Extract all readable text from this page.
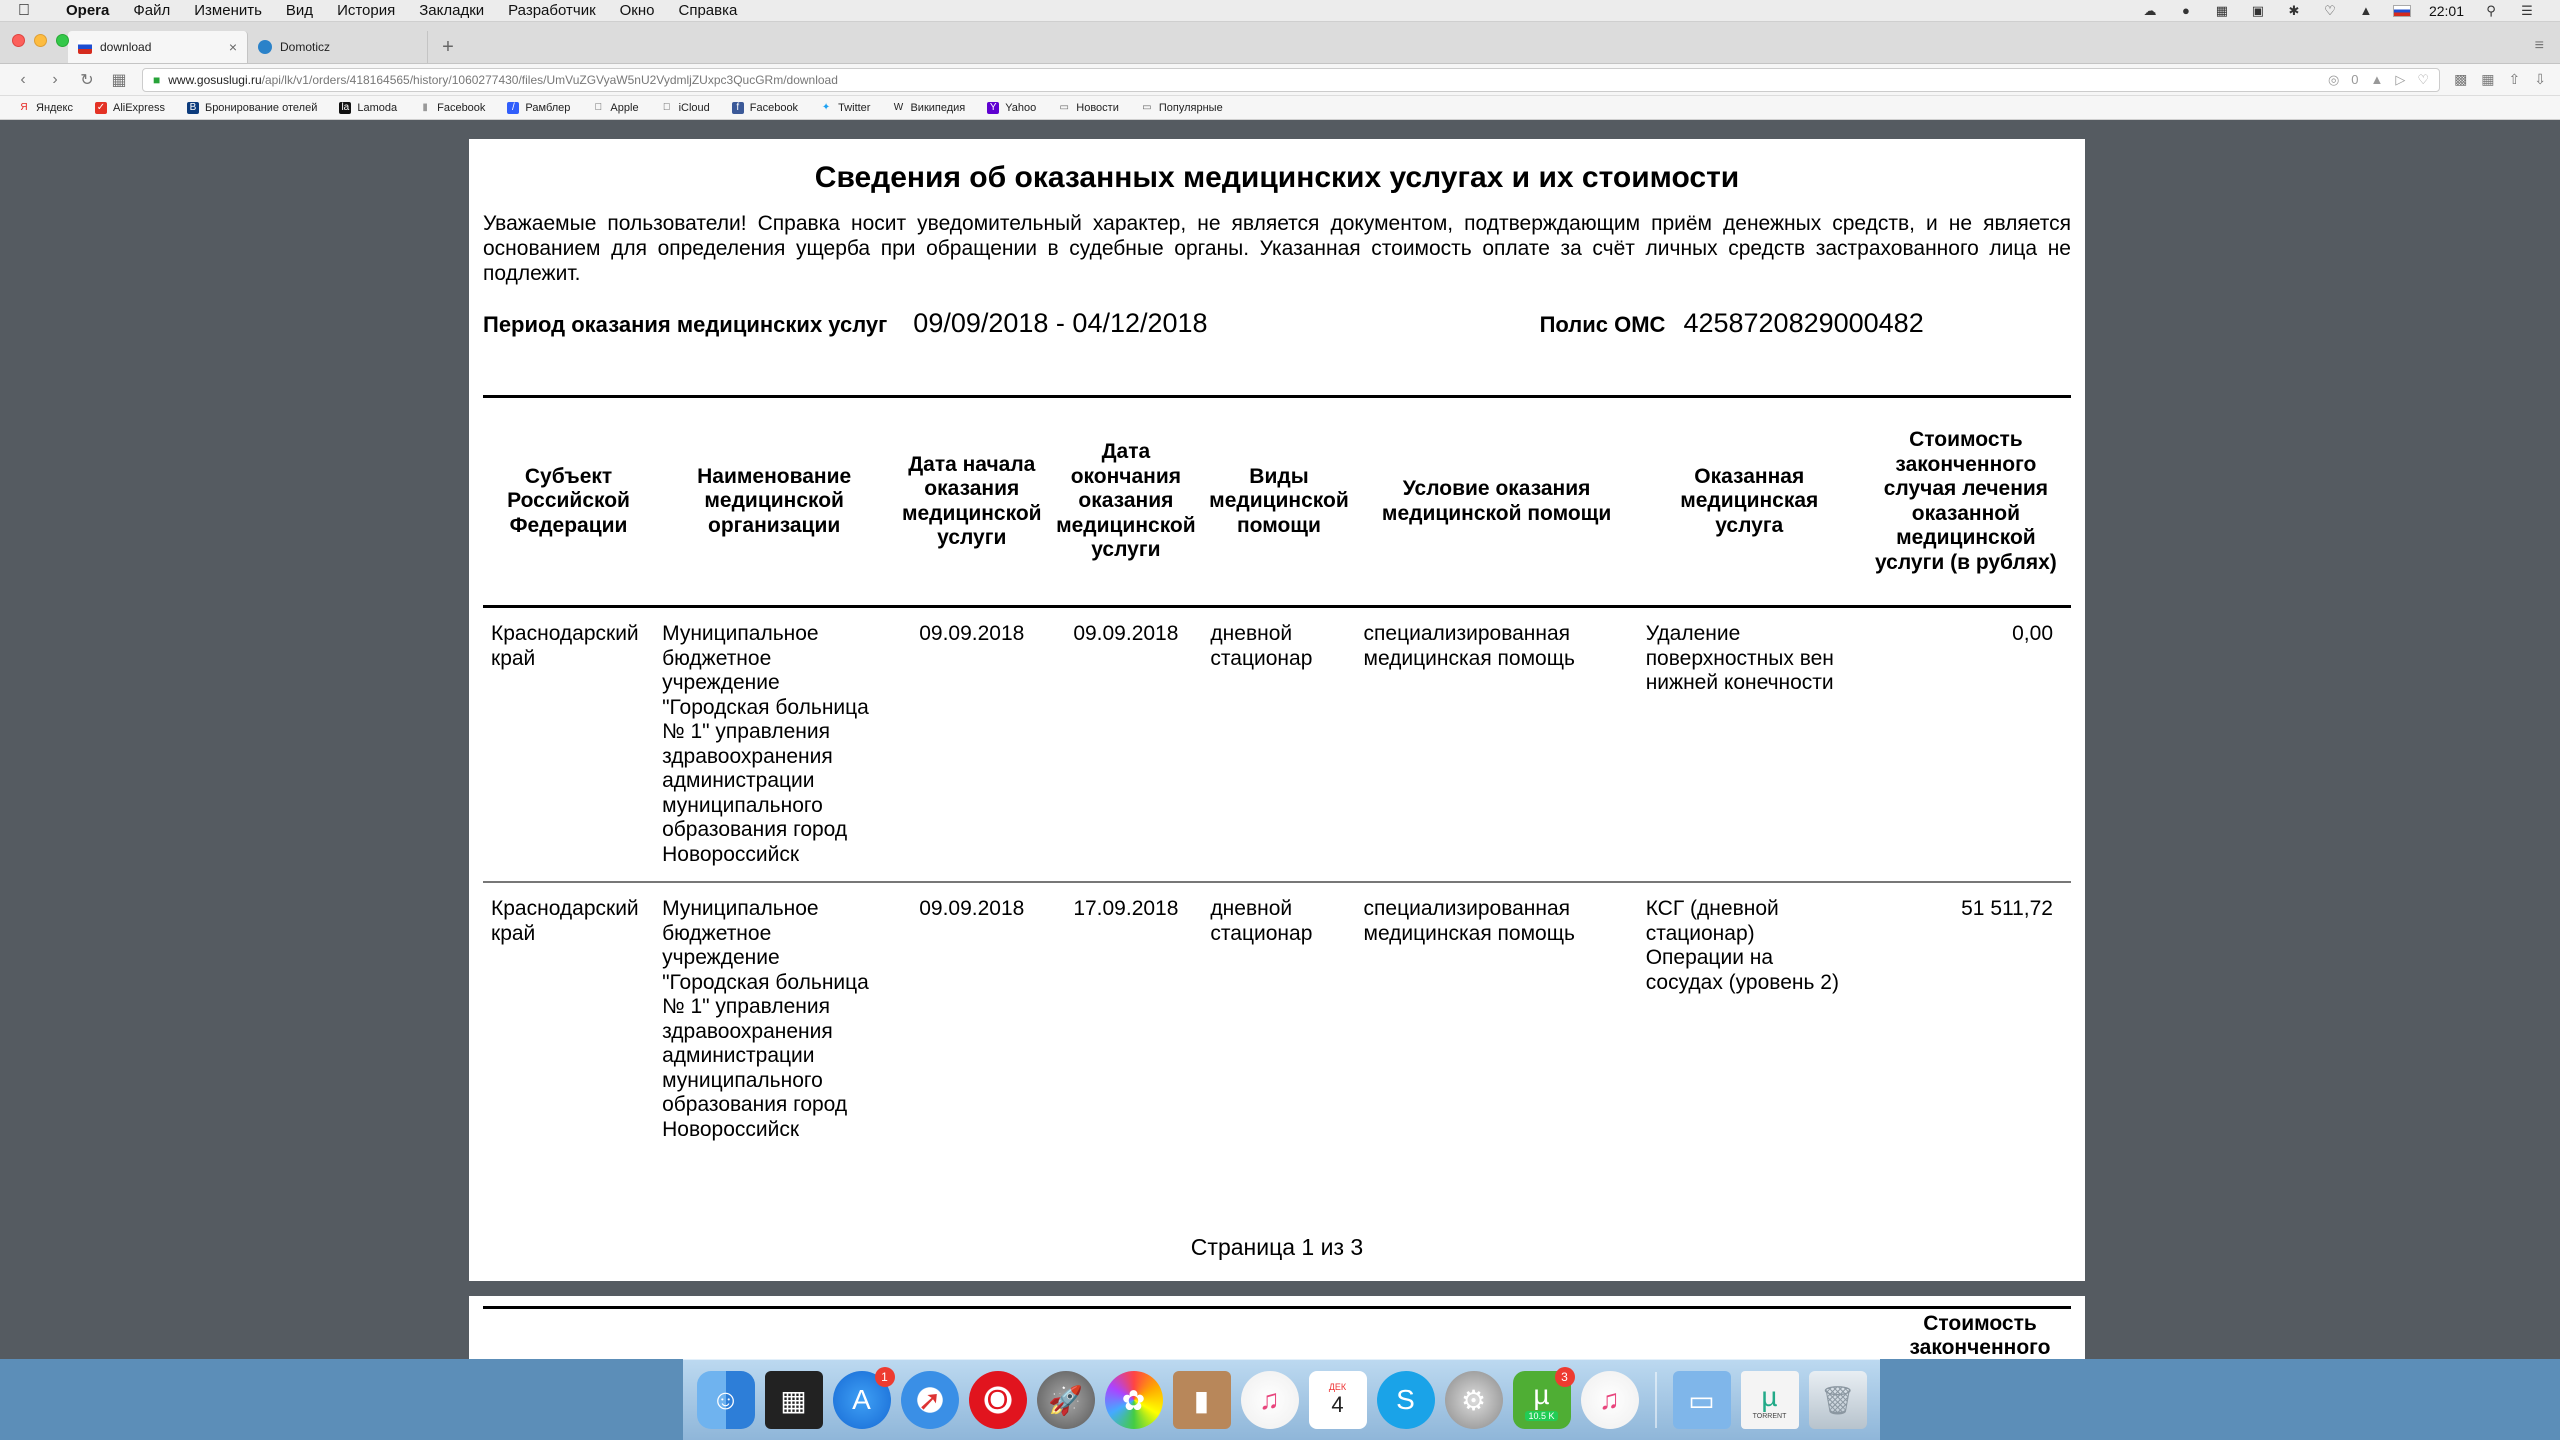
Opera	Файл	Изменить	Вид	История	Закладки	Разработчик	Окно	Справка	☁	●	▦ ▣ ✱ ♡ ▲	22:01	⚲	☰
download	×	Domoticz	+	≡
‹	›	↻ ▦ ■ www.gosuslugi.ru/api/lk/v1/orders/418164565/history/1060277430/files/UmVuZGVyaW5nU2VydmljZUxpc3QucGRm/download	◎ 0 ▲ ▷ ♡ ▩ ▦ ⇧ ⇩
Я Яндекс ✓ AliExpress B Бронирование отелей la Lamoda	▮ Facebook	/ Рамблер	Apple	iCloud	f Facebook ✦ Twitter W Википедия Y Yahoo ▭ Новости ▭ Популярные
Сведения об оказанных медицинских услугах и их стоимости
Уважаемые пользователи! Справка носит уведомительный характер, не является документом, подтверждающим приём денежных средств, и не является основанием для определения ущерба при обращении в судебные органы. Указанная стоимость оплате за счёт личных средств застрахованного лица не подлежит.
Период оказания медицинских услуг 09/09/2018 - 04/12/2018	Полис ОМС 4258720829000482
Субъект Российской Федерации	Наименование медицинской организации	Дата начала оказания медицинской услуги	Дата окончания оказания медицинской услуги	Виды медицинской помощи	Условие оказания медицинской помощи	Оказанная медицинская услуга	Стоимость законченного случая лечения оказанной медицинской услуги (в рублях)
Краснодарский край	Муниципальное бюджетное учреждение "Городская больница № 1" управления здравоохранения администрации муниципального образования город Новороссийск	09.09.2018	09.09.2018	дневной стационар	специализированная медицинская помощь	Удаление поверхностных вен нижней конечности	0,00
Краснодарский край	Муниципальное бюджетное учреждение "Городская больница № 1" управления здравоохранения администрации муниципального образования город Новороссийск	09.09.2018	17.09.2018	дневной стационар	специализированная медицинская помощь	КСГ (дневной стационар) Операции на сосудах (уровень 2)	51 511,72
Страница 1 из 3
Стоимость законченного
☺	▦	A
1
➚	O	🚀	✿	▮	♫	ДЕК
4	S	⚙	µ
10.5 K
3
♫	▭	µ
TORRENT
🗑
